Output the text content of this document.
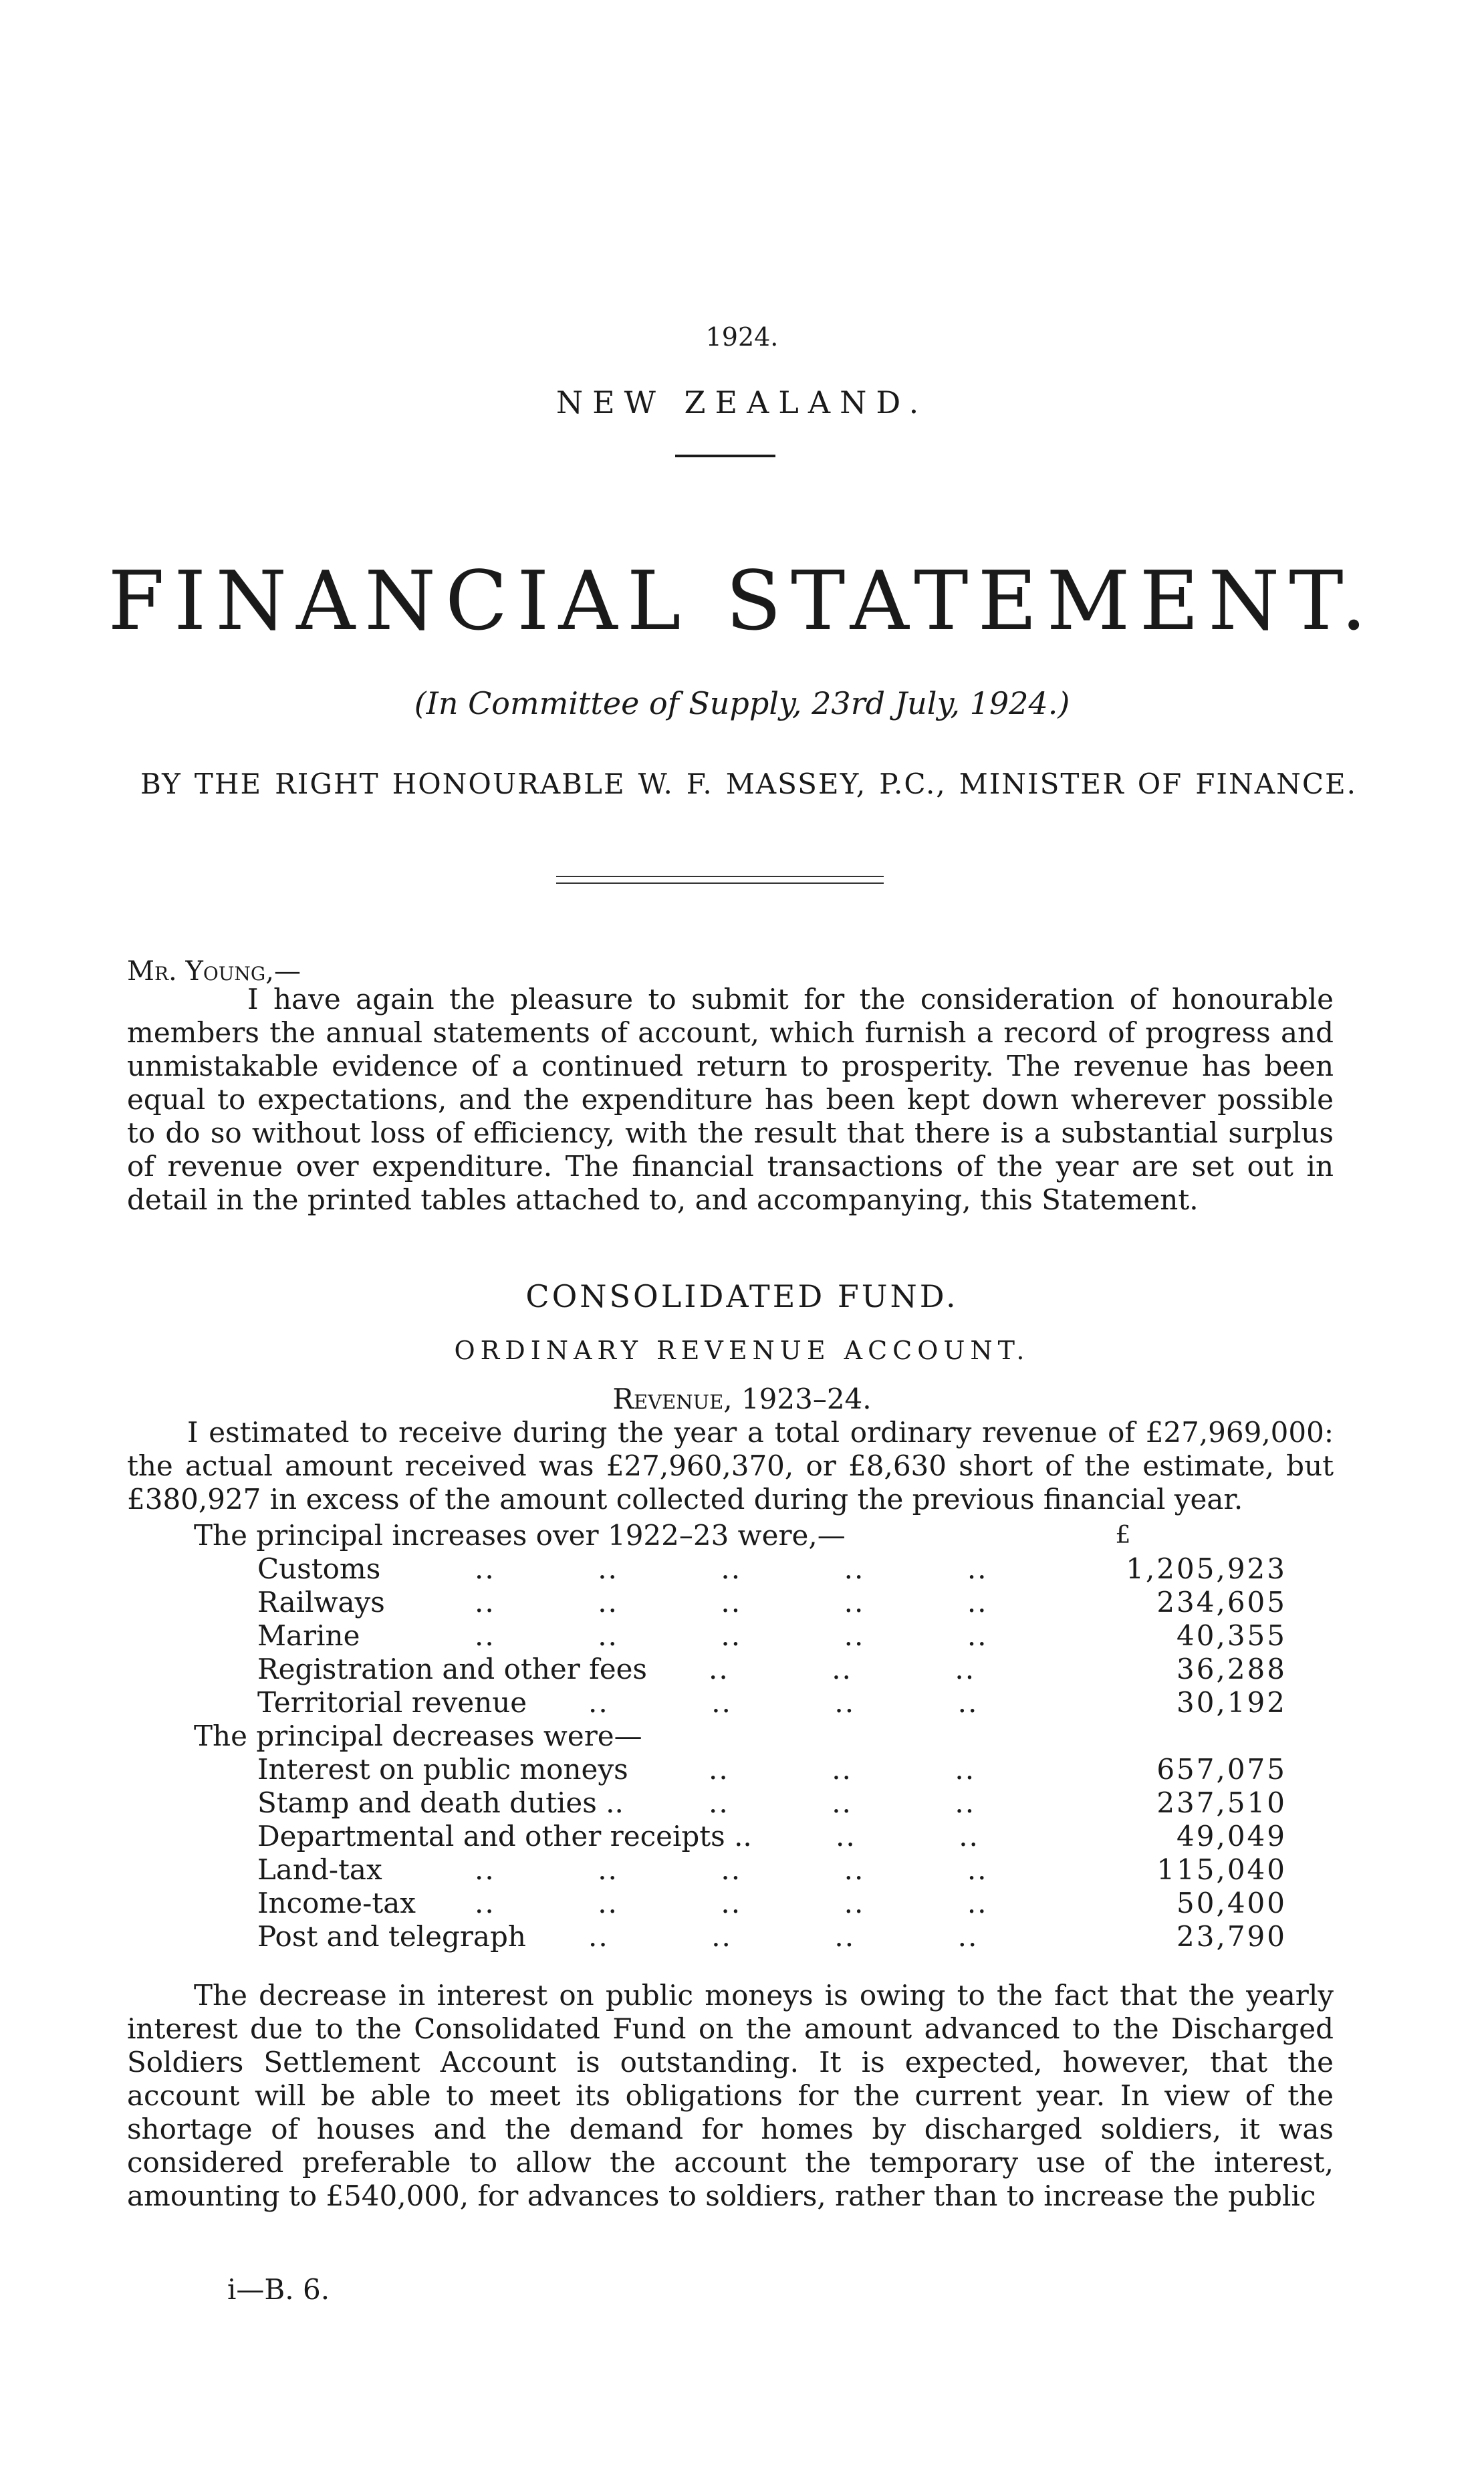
1924.
NEW ZEALAND.
FINANCIAL STATEMENT.
(In Committee of Supply, 23rd July, 1924.)
BY THE RIGHT HONOURABLE W. F. MASSEY, P.C., MINISTER OF FINANCE.
Mr. Young,—

I have again the pleasure to submit for the consideration of honourable members the annual statements of account, which furnish a record of progress and unmistakable evidence of a continued return to prosperity. The revenue has been equal to expectations, and the expenditure has been kept down wherever possible to do so without loss of efficiency, with the result that there is a substantial surplus of revenue over expenditure. The financial transactions of the year are set out in detail in the printed tables attached to, and accompanying, this Statement.

CONSOLIDATED FUND.
ORDINARY REVENUE ACCOUNT.
Revenue, 1923–24.

I estimated to receive during the year a total ordinary revenue of £27,969,000: the actual amount received was £27,960,370, or £8,630 short of the estimate, but £380,927 in excess of the amount collected during the previous financial year.

The principal increases over 1922–23 were,—	£
Customs	..          ..          ..          ..          ..	1,205,923
Railways	..          ..          ..          ..          ..	234,605
Marine	..          ..          ..          ..          ..	40,355
Registration and other fees ..          ..          ..	36,288
Territorial revenue ..          ..          ..          ..	30,192
The principal decreases were—
Interest on public moneys	..          ..          ..	657,075
Stamp and death duties ..	..          ..          ..	237,510
Departmental and other receipts ..	..          ..	49,049
Land-tax	..          ..          ..          ..          ..	115,040
Income-tax ..          ..          ..          ..          ..	50,400
Post and telegraph ..          ..          ..          ..	23,790

The decrease in interest on public moneys is owing to the fact that the yearly interest due to the Consolidated Fund on the amount advanced to the Discharged Soldiers Settlement Account is outstanding. It is expected, however, that the account will be able to meet its obligations for the current year. In view of the shortage of houses and the demand for homes by discharged soldiers, it was considered preferable to allow the account the temporary use of the interest, amounting to £540,000, for advances to soldiers, rather than to increase the public

i—B. 6.
